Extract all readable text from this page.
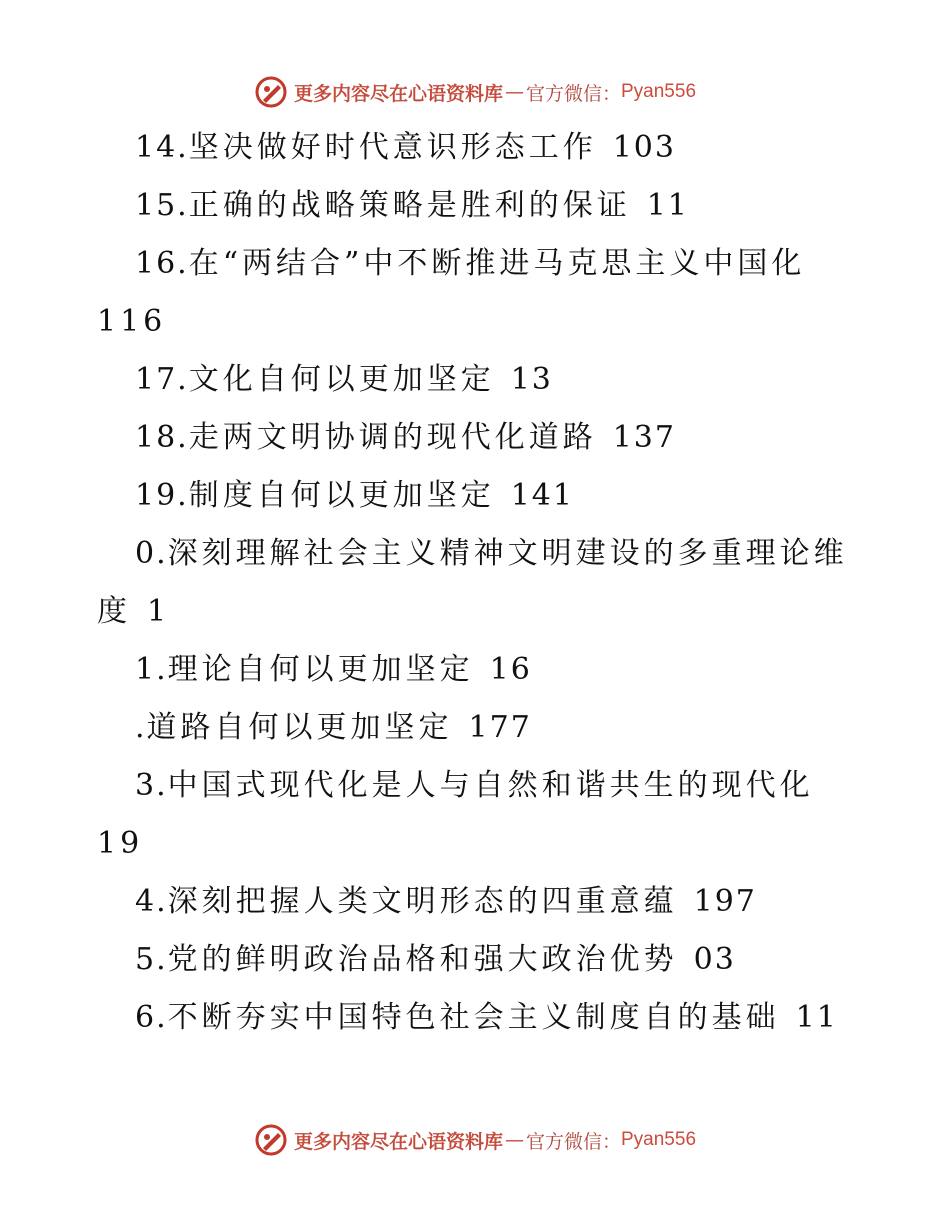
更多内容尽在心语资料库 — 官方微信： Pyan556
14.坚决做好时代意识形态工作 103
15.正确的战略策略是胜利的保证 11
16.在“两结合”中不断推进马克思主义中国化
116
17.文化自何以更加坚定 13
18.走两文明协调的现代化道路 137
19.制度自何以更加坚定 141
0.深刻理解社会主义精神文明建设的多重理论维
度 1
1.理论自何以更加坚定 16
.道路自何以更加坚定 177
3.中国式现代化是人与自然和谐共生的现代化
19
4.深刻把握人类文明形态的四重意蕴 197
5.党的鲜明政治品格和强大政治优势 03
6.不断夯实中国特色社会主义制度自的基础 11
更多内容尽在心语资料库 — 官方微信： Pyan556
